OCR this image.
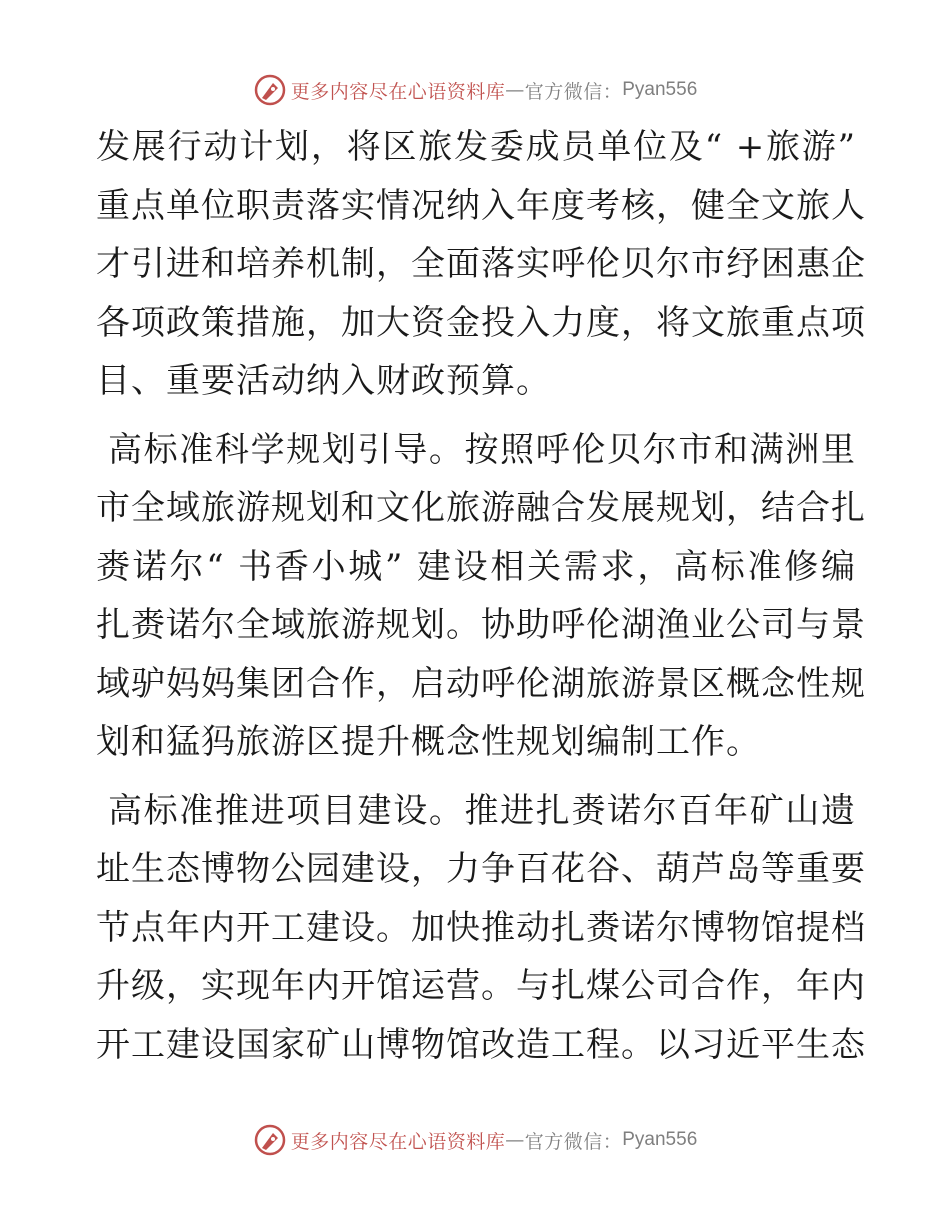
更多内容尽在心语资料库 — 官方微信： Pyan556
发展行动计划，将区旅发委成员单位及“ +旅游”
重点单位职责落实情况纳入年度考核，健全文旅人
才引进和培养机制，全面落实呼伦贝尔市纾困惠企
各项政策措施，加大资金投入力度，将文旅重点项
目、重要活动纳入财政预算。
高标准科学规划引导。按照呼伦贝尔市和满洲里
市全域旅游规划和文化旅游融合发展规划，结合扎
赉诺尔“ 书香小城” 建设相关需求，高标准修编
扎赉诺尔全域旅游规划。协助呼伦湖渔业公司与景
域驴妈妈集团合作，启动呼伦湖旅游景区概念性规
划和猛犸旅游区提升概念性规划编制工作。
高标准推进项目建设。推进扎赉诺尔百年矿山遗
址生态博物公园建设，力争百花谷、葫芦岛等重要
节点年内开工建设。加快推动扎赉诺尔博物馆提档
升级，实现年内开馆运营。与扎煤公司合作，年内
开工建设国家矿山博物馆改造工程。以习近平生态
更多内容尽在心语资料库 — 官方微信： Pyan556
